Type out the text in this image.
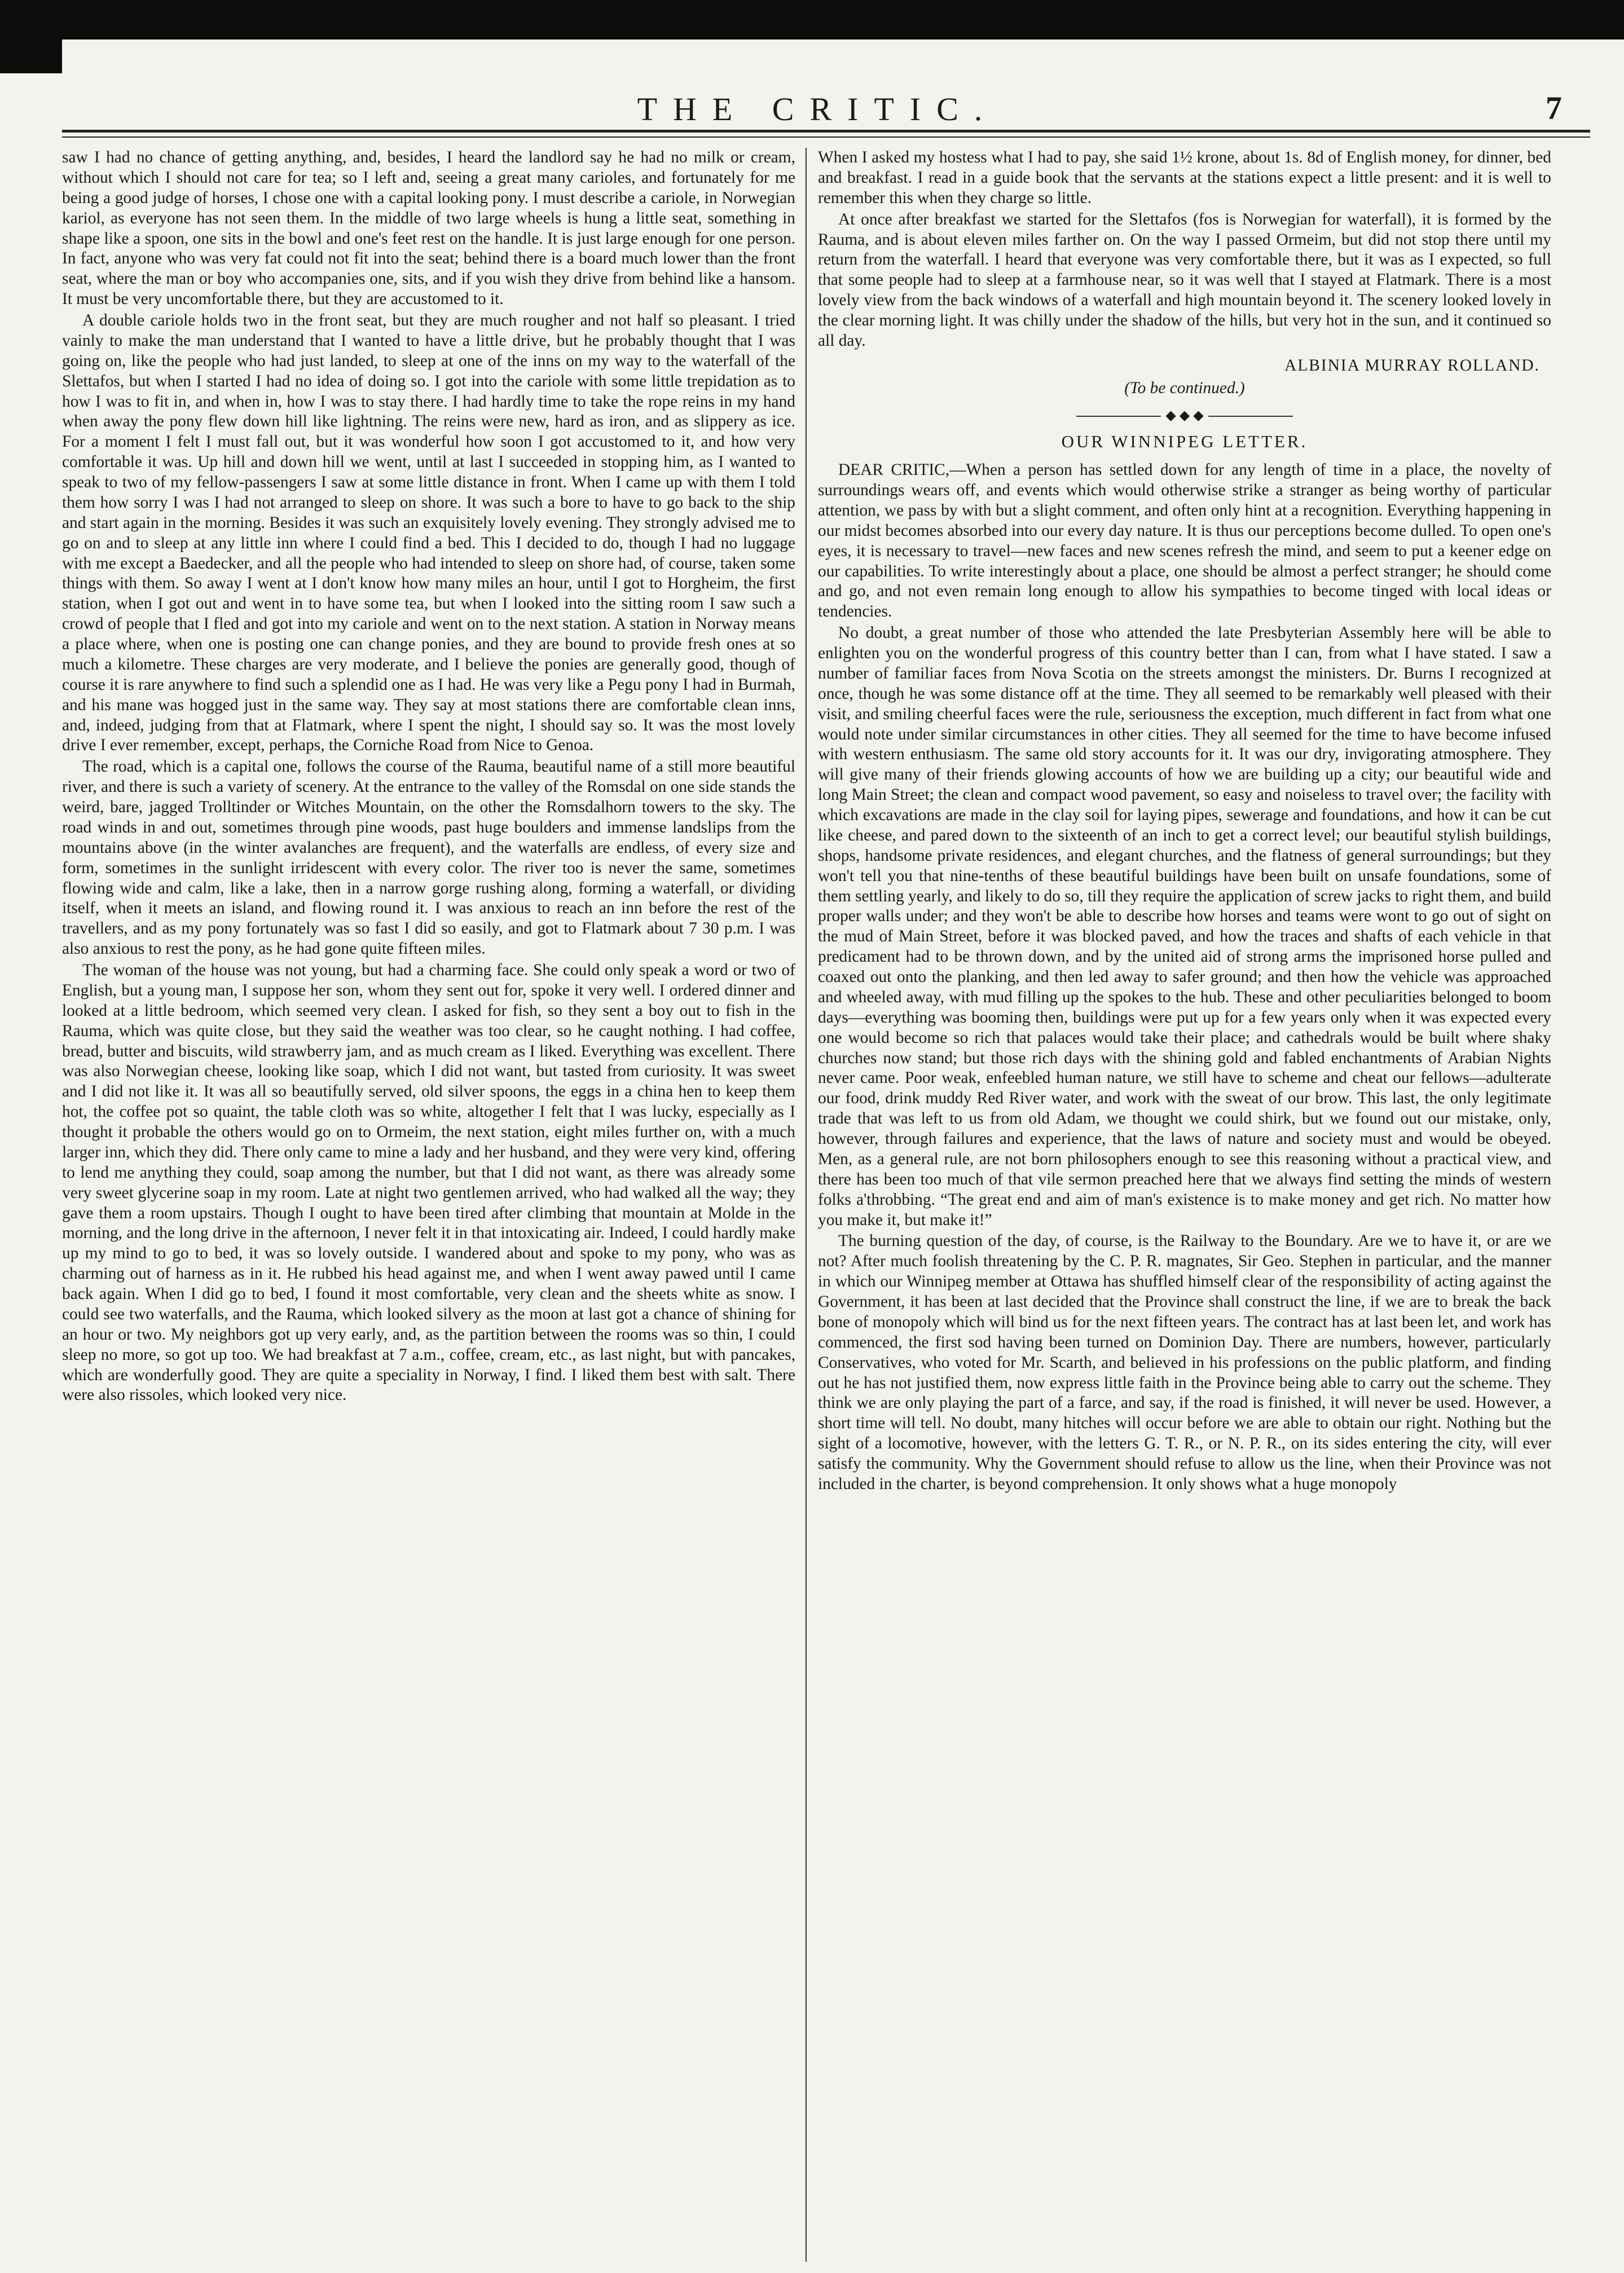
THE CRITIC.	7

saw I had no chance of getting anything, and, besides, I heard the landlord say he had no milk or cream, without which I should not care for tea; so I left and, seeing a great many carioles, and fortunately for me being a good judge of horses, I chose one with a capital looking pony. I must describe a cariole, in Norwegian kariol, as everyone has not seen them. In the middle of two large wheels is hung a little seat, something in shape like a spoon, one sits in the bowl and one's feet rest on the handle. It is just large enough for one person. In fact, anyone who was very fat could not fit into the seat; behind there is a board much lower than the front seat, where the man or boy who accompanies one, sits, and if you wish they drive from behind like a hansom. It must be very uncomfortable there, but they are accustomed to it.

A double cariole holds two in the front seat, but they are much rougher and not half so pleasant. I tried vainly to make the man understand that I wanted to have a little drive, but he probably thought that I was going on, like the people who had just landed, to sleep at one of the inns on my way to the waterfall of the Slettafos, but when I started I had no idea of doing so. I got into the cariole with some little trepidation as to how I was to fit in, and when in, how I was to stay there. I had hardly time to take the rope reins in my hand when away the pony flew down hill like lightning. The reins were new, hard as iron, and as slippery as ice. For a moment I felt I must fall out, but it was wonderful how soon I got accustomed to it, and how very comfortable it was. Up hill and down hill we went, until at last I succeeded in stopping him, as I wanted to speak to two of my fellow-passengers I saw at some little distance in front. When I came up with them I told them how sorry I was I had not arranged to sleep on shore. It was such a bore to have to go back to the ship and start again in the morning. Besides it was such an exquisitely lovely evening. They strongly advised me to go on and to sleep at any little inn where I could find a bed. This I decided to do, though I had no luggage with me except a Baedecker, and all the people who had intended to sleep on shore had, of course, taken some things with them. So away I went at I don't know how many miles an hour, until I got to Horgheim, the first station, when I got out and went in to have some tea, but when I looked into the sitting room I saw such a crowd of people that I fled and got into my cariole and went on to the next station. A station in Norway means a place where, when one is posting one can change ponies, and they are bound to provide fresh ones at so much a kilometre. These charges are very moderate, and I believe the ponies are generally good, though of course it is rare anywhere to find such a splendid one as I had. He was very like a Pegu pony I had in Burmah, and his mane was hogged just in the same way. They say at most stations there are comfortable clean inns, and, indeed, judging from that at Flatmark, where I spent the night, I should say so. It was the most lovely drive I ever remember, except, perhaps, the Corniche Road from Nice to Genoa.

The road, which is a capital one, follows the course of the Rauma, beautiful name of a still more beautiful river, and there is such a variety of scenery. At the entrance to the valley of the Romsdal on one side stands the weird, bare, jagged Trolltinder or Witches Mountain, on the other the Romsdalhorn towers to the sky. The road winds in and out, sometimes through pine woods, past huge boulders and immense landslips from the mountains above (in the winter avalanches are frequent), and the waterfalls are endless, of every size and form, sometimes in the sunlight irridescent with every color. The river too is never the same, sometimes flowing wide and calm, like a lake, then in a narrow gorge rushing along, forming a waterfall, or dividing itself, when it meets an island, and flowing round it. I was anxious to reach an inn before the rest of the travellers, and as my pony fortunately was so fast I did so easily, and got to Flatmark about 7 30 p.m. I was also anxious to rest the pony, as he had gone quite fifteen miles.

The woman of the house was not young, but had a charming face. She could only speak a word or two of English, but a young man, I suppose her son, whom they sent out for, spoke it very well. I ordered dinner and looked at a little bedroom, which seemed very clean. I asked for fish, so they sent a boy out to fish in the Rauma, which was quite close, but they said the weather was too clear, so he caught nothing. I had coffee, bread, butter and biscuits, wild strawberry jam, and as much cream as I liked. Everything was excellent. There was also Norwegian cheese, looking like soap, which I did not want, but tasted from curiosity. It was sweet and I did not like it. It was all so beautifully served, old silver spoons, the eggs in a china hen to keep them hot, the coffee pot so quaint, the table cloth was so white, altogether I felt that I was lucky, especially as I thought it probable the others would go on to Ormeim, the next station, eight miles further on, with a much larger inn, which they did. There only came to mine a lady and her husband, and they were very kind, offering to lend me anything they could, soap among the number, but that I did not want, as there was already some very sweet glycerine soap in my room. Late at night two gentlemen arrived, who had walked all the way; they gave them a room upstairs. Though I ought to have been tired after climbing that mountain at Molde in the morning, and the long drive in the afternoon, I never felt it in that intoxicating air. Indeed, I could hardly make up my mind to go to bed, it was so lovely outside. I wandered about and spoke to my pony, who was as charming out of harness as in it. He rubbed his head against me, and when I went away pawed until I came back again. When I did go to bed, I found it most comfortable, very clean and the sheets white as snow. I could see two waterfalls, and the Rauma, which looked silvery as the moon at last got a chance of shining for an hour or two. My neighbors got up very early, and, as the partition between the rooms was so thin, I could sleep no more, so got up too. We had breakfast at 7 a.m., coffee, cream, etc., as last night, but with pancakes, which are wonderfully good. They are quite a speciality in Norway, I find. I liked them best with salt. There were also rissoles, which looked very nice.

When I asked my hostess what I had to pay, she said 1½ krone, about 1s. 8d of English money, for dinner, bed and breakfast. I read in a guide book that the servants at the stations expect a little present: and it is well to remember this when they charge so little.

At once after breakfast we started for the Slettafos (fos is Norwegian for waterfall), it is formed by the Rauma, and is about eleven miles farther on. On the way I passed Ormeim, but did not stop there until my return from the waterfall. I heard that everyone was very comfortable there, but it was as I expected, so full that some people had to sleep at a farmhouse near, so it was well that I stayed at Flatmark. There is a most lovely view from the back windows of a waterfall and high mountain beyond it. The scenery looked lovely in the clear morning light. It was chilly under the shadow of the hills, but very hot in the sun, and it continued so all day.

ALBINIA MURRAY ROLLAND.
(To be continued.)
◆ ◆ ◆
OUR WINNIPEG LETTER.

DEAR CRITIC,—When a person has settled down for any length of time in a place, the novelty of surroundings wears off, and events which would otherwise strike a stranger as being worthy of particular attention, we pass by with but a slight comment, and often only hint at a recognition. Everything happening in our midst becomes absorbed into our every day nature. It is thus our perceptions become dulled. To open one's eyes, it is necessary to travel—new faces and new scenes refresh the mind, and seem to put a keener edge on our capabilities. To write interestingly about a place, one should be almost a perfect stranger; he should come and go, and not even remain long enough to allow his sympathies to become tinged with local ideas or tendencies.

No doubt, a great number of those who attended the late Presbyterian Assembly here will be able to enlighten you on the wonderful progress of this country better than I can, from what I have stated. I saw a number of familiar faces from Nova Scotia on the streets amongst the ministers. Dr. Burns I recognized at once, though he was some distance off at the time. They all seemed to be remarkably well pleased with their visit, and smiling cheerful faces were the rule, seriousness the exception, much different in fact from what one would note under similar circumstances in other cities. They all seemed for the time to have become infused with western enthusiasm. The same old story accounts for it. It was our dry, invigorating atmosphere. They will give many of their friends glowing accounts of how we are building up a city; our beautiful wide and long Main Street; the clean and compact wood pavement, so easy and noiseless to travel over; the facility with which excavations are made in the clay soil for laying pipes, sewerage and foundations, and how it can be cut like cheese, and pared down to the sixteenth of an inch to get a correct level; our beautiful stylish buildings, shops, handsome private residences, and elegant churches, and the flatness of general surroundings; but they won't tell you that nine-tenths of these beautiful buildings have been built on unsafe foundations, some of them settling yearly, and likely to do so, till they require the application of screw jacks to right them, and build proper walls under; and they won't be able to describe how horses and teams were wont to go out of sight on the mud of Main Street, before it was blocked paved, and how the traces and shafts of each vehicle in that predicament had to be thrown down, and by the united aid of strong arms the imprisoned horse pulled and coaxed out onto the planking, and then led away to safer ground; and then how the vehicle was approached and wheeled away, with mud filling up the spokes to the hub. These and other peculiarities belonged to boom days—everything was booming then, buildings were put up for a few years only when it was expected every one would become so rich that palaces would take their place; and cathedrals would be built where shaky churches now stand; but those rich days with the shining gold and fabled enchantments of Arabian Nights never came. Poor weak, enfeebled human nature, we still have to scheme and cheat our fellows—adulterate our food, drink muddy Red River water, and work with the sweat of our brow. This last, the only legitimate trade that was left to us from old Adam, we thought we could shirk, but we found out our mistake, only, however, through failures and experience, that the laws of nature and society must and would be obeyed. Men, as a general rule, are not born philosophers enough to see this reasoning without a practical view, and there has been too much of that vile sermon preached here that we always find setting the minds of western folks a'throbbing. “The great end and aim of man's existence is to make money and get rich. No matter how you make it, but make it!”

The burning question of the day, of course, is the Railway to the Boundary. Are we to have it, or are we not? After much foolish threatening by the C. P. R. magnates, Sir Geo. Stephen in particular, and the manner in which our Winnipeg member at Ottawa has shuffled himself clear of the responsibility of acting against the Government, it has been at last decided that the Province shall construct the line, if we are to break the back bone of monopoly which will bind us for the next fifteen years. The contract has at last been let, and work has commenced, the first sod having been turned on Dominion Day. There are numbers, however, particularly Conservatives, who voted for Mr. Scarth, and believed in his professions on the public platform, and finding out he has not justified them, now express little faith in the Province being able to carry out the scheme. They think we are only playing the part of a farce, and say, if the road is finished, it will never be used. However, a short time will tell. No doubt, many hitches will occur before we are able to obtain our right. Nothing but the sight of a locomotive, however, with the letters G. T. R., or N. P. R., on its sides entering the city, will ever satisfy the community. Why the Government should refuse to allow us the line, when their Province was not included in the charter, is beyond comprehension. It only shows what a huge monopoly
